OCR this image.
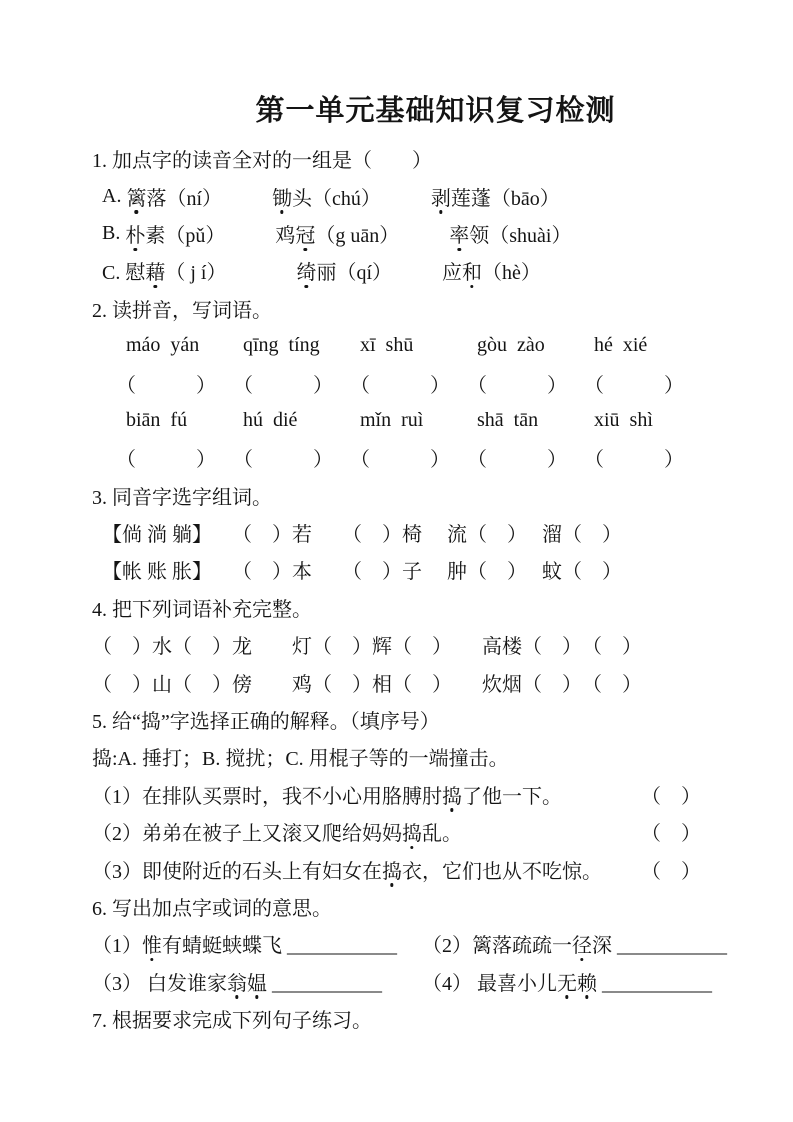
第一单元基础知识复习检测
1. 加点字的读音全对的一组是（　　）
A. 篱 落（ní）　　　 锄 头（chú）　　　 剥 莲蓬（bāo）
B. 朴 素（pǔ）　　　鸡 冠 （g uān）　　　 率 领（shuài）
C. 慰 藉 （ j í）　　　　 绮 丽（qí）　　　应 和 （hè）
2. 读拼音，写词语。
máo  yán	qīng  tíng	xī  shū	gòu  zào	hé  xié
（　　　） （　　　） （　　　） （　　　） （　　　）
biān  fú	hú  dié	mǐn  ruì	shā  tān	xiū  shì
（　　　） （　　　） （　　　） （　　　） （　　　）
3. 同音字选字组词。
【倘 淌 躺】　　（　）若　　（　）椅　 流（　）　 溜（　）
【帐 账 胀】　　（　）本　　（　）子　 肿（　）　 蚊（　）
4. 把下列词语补充完整。
（　）水（　）龙　　灯（　）辉（　）　　高楼（　）　（　）
（　）山（　）傍　　鸡（　）相（　）　　炊烟（　）　（　）
5. 给“捣”字选择正确的解释。（填序号）
捣:A. 捶打；B. 搅扰；C. 用棍子等的一端撞击。
（1）在排队买票时，我不小心用胳膊肘捣了他一下。	（　）
（2）弟弟在被子上又滚又爬给妈妈捣乱。	（　）
（3）即使附近的石头上有妇女在捣衣，它们也从不吃惊。 （　）
6. 写出加点字或词的意思。
（1）惟有蜻蜓蛱蝶飞 ___________	（2）篱落疏疏一径深 ___________
（3） 白发谁家翁媪 ___________	（4） 最喜小儿无赖 ___________
7. 根据要求完成下列句子练习。
